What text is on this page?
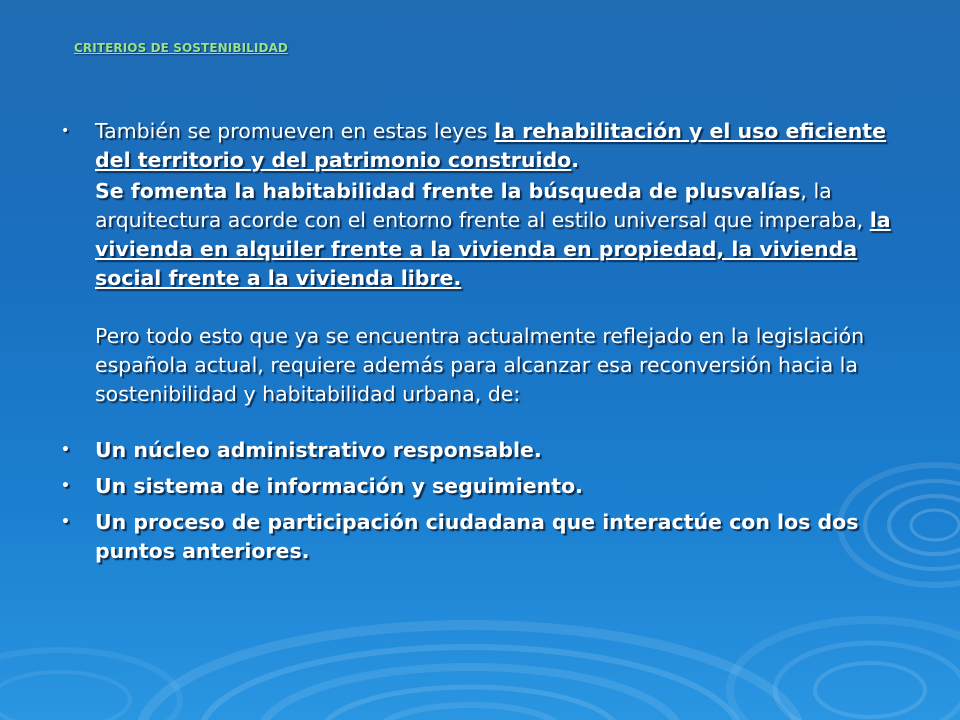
CRITERIOS DE SOSTENIBILIDAD

• También se promueven en estas leyes la rehabilitación y el uso eficiente del territorio y del patrimonio construido.

Se fomenta la habitabilidad frente la búsqueda de plusvalías, la arquitectura acorde con el entorno frente al estilo universal que imperaba, la vivienda en alquiler frente a la vivienda en propiedad, la vivienda social frente a la vivienda libre.

Pero todo esto que ya se encuentra actualmente reflejado en la legislación española actual, requiere además para alcanzar esa reconversión hacia la sostenibilidad y habitabilidad urbana, de:

• Un núcleo administrativo responsable.

• Un sistema de información y seguimiento.

• Un proceso de participación ciudadana que interactúe con los dos puntos anteriores.
